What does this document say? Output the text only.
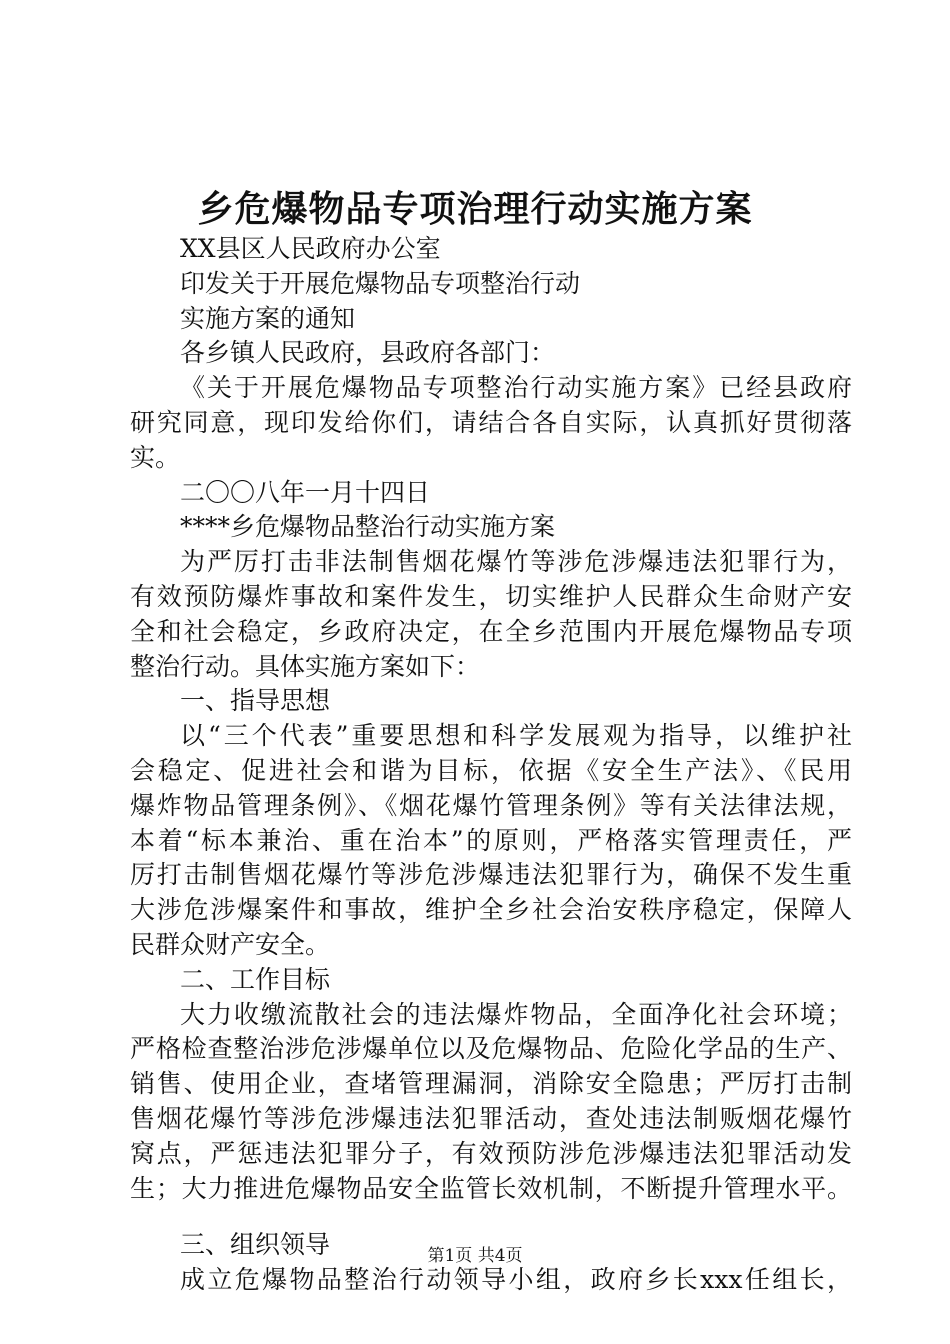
乡危爆物品专项治理行动实施方案
XX县区人民政府办公室
印发关于开展危爆物品专项整治行动
实施方案的通知
各乡镇人民政府，县政府各部门：
《关于开展危爆物品专项整治行动实施方案》已经县政府
研究同意，现印发给你们，请结合各自实际，认真抓好贯彻落
实。
二〇〇八年一月十四日
****乡危爆物品整治行动实施方案
为严厉打击非法制售烟花爆竹等涉危涉爆违法犯罪行为，
有效预防爆炸事故和案件发生，切实维护人民群众生命财产安
全和社会稳定，乡政府决定，在全乡范围内开展危爆物品专项
整治行动。具体实施方案如下：
一、指导思想
以“三个代表”重要思想和科学发展观为指导，以维护社
会稳定、促进社会和谐为目标，依据《安全生产法》、《民用
爆炸物品管理条例》、《烟花爆竹管理条例》等有关法律法规，
本着“标本兼治、重在治本”的原则，严格落实管理责任，严
厉打击制售烟花爆竹等涉危涉爆违法犯罪行为，确保不发生重
大涉危涉爆案件和事故，维护全乡社会治安秩序稳定，保障人
民群众财产安全。
二、工作目标
大力收缴流散社会的违法爆炸物品，全面净化社会环境；
严格检查整治涉危涉爆单位以及危爆物品、危险化学品的生产、
销售、使用企业，查堵管理漏洞，消除安全隐患；严厉打击制
售烟花爆竹等涉危涉爆违法犯罪活动，查处违法制贩烟花爆竹
窝点，严惩违法犯罪分子，有效预防涉危涉爆违法犯罪活动发
生；大力推进危爆物品安全监管长效机制，不断提升管理水平。
三、组织领导
成立危爆物品整治行动领导小组，政府乡长xxx任组长，
第1页 共4页
